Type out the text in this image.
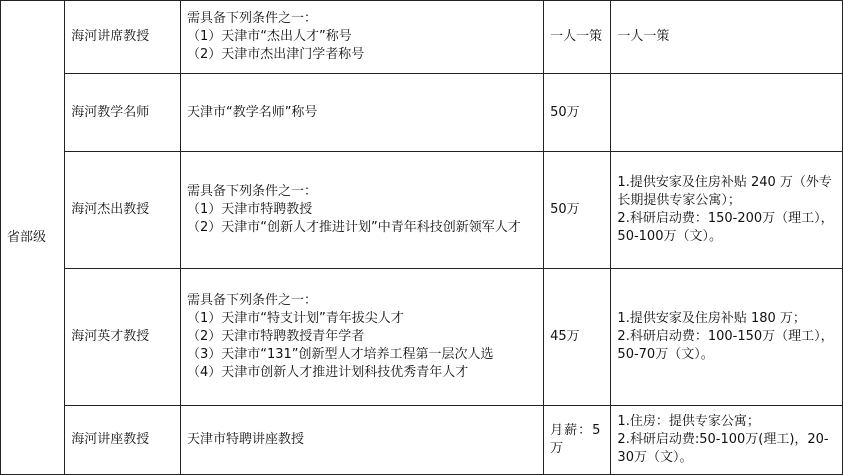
省部级	海河讲席教授	需具备下列条件之一：
（1）天津市“杰出人才”称号
（2）天津市杰出津门学者称号	一人一策	一人一策

	海河教学名师	天津市“教学名师”称号	50万	
	海河杰出教授	需具备下列条件之一：
（1）天津市特聘教授
（2）天津市“创新人才推进计划”中青年科技创新领军人才	50万	1.提供安家及住房补贴 240 万（外专长期提供专家公寓）；
2.科研启动费：150-200万（理工），50-100万（文）。

	海河英才教授	需具备下列条件之一：
（1）天津市“特支计划”青年拔尖人才
（2）天津市特聘教授青年学者
（3）天津市“131”创新型人才培养工程第一层次人选
（4）天津市创新人才推进计划科技优秀青年人才	45万	1.提供安家及住房补贴 180 万；
2.科研启动费：100-150万（理工），50-70万（文）。

	海河讲座教授	天津市特聘讲座教授	月薪：5万	1.住房：提供专家公寓；
2.科研启动费:50-100万(理工)，20-30万（文）。
